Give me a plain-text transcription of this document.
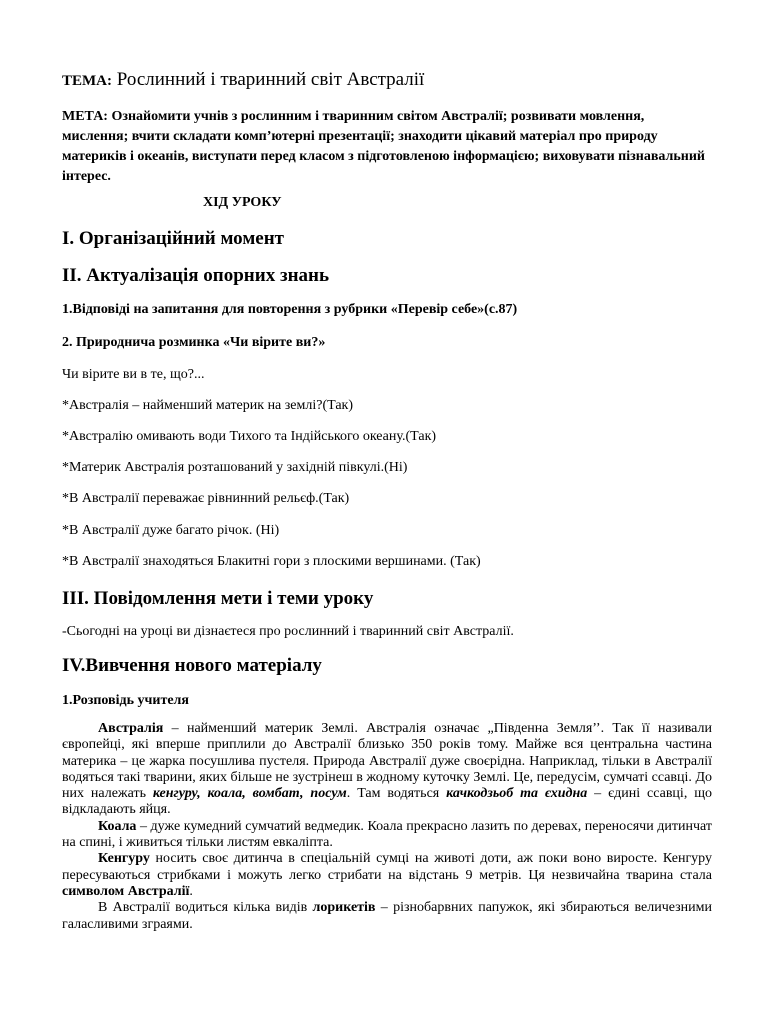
ТЕМА: Рослинний і тваринний світ Австралії
МЕТА: Ознайомити учнів з рослинним і тваринним світом Австралії; розвивати мовлення, мислення; вчити складати комп’ютерні презентації; знаходити цікавий матеріал про природу материків і океанів, виступати перед класом з підготовленою інформацією; виховувати пізнавальний інтерес.
ХІД УРОКУ
I. Організаційний момент
II. Актуалізація опорних знань
1.Відповіді на запитання для повторення з рубрики «Перевір себе»(с.87)
2. Природнича розминка «Чи вірите ви?»
Чи вірите ви в те, що?...
*Австралія – найменший материк на землі?(Так)
*Австралію омивають води Тихого та Індійського океану.(Так)
*Материк Австралія розташований у західній півкулі.(Ні)
*В Австралії переважає рівнинний рельєф.(Так)
*В Австралії дуже багато річок. (Ні)
*В Австралії знаходяться Блакитні гори з плоскими вершинами. (Так)
III. Повідомлення мети і теми уроку
-Сьогодні на уроці ви дізнаєтеся про рослинний і тваринний світ Австралії.
IV.Вивчення нового матеріалу
1.Розповідь учителя

Австралія – найменший материк Землі. Австралія означає „Південна Земля’’. Так її називали європейці, які вперше приплили до Австралії близько 350 років тому. Майже вся центральна частина материка – це жарка посушлива пустеля. Природа Австралії дуже своєрідна. Наприклад, тільки в Австралії водяться такі тварини, яких більше не зустрінеш в жодному куточку Землі. Це, передусім, сумчаті ссавці. До них належать кенгуру, коала, вомбат, посум. Там водяться качкодзьоб та єхидна – єдині ссавці, що відкладають яйця.

Коала – дуже кумедний сумчатий ведмедик. Коала прекрасно лазить по деревах, переносячи дитинчат на спині, і живиться тільки листям евкаліпта.

Кенгуру носить своє дитинча в спеціальній сумці на животі доти, аж поки воно виросте. Кенгуру пересуваються стрибками і можуть легко стрибати на відстань 9 метрів. Ця незвичайна тварина стала символом Австралії.

В Австралії водиться кілька видів лорикетів – різнобарвних папужок, які збираються величезними галасливими зграями.
